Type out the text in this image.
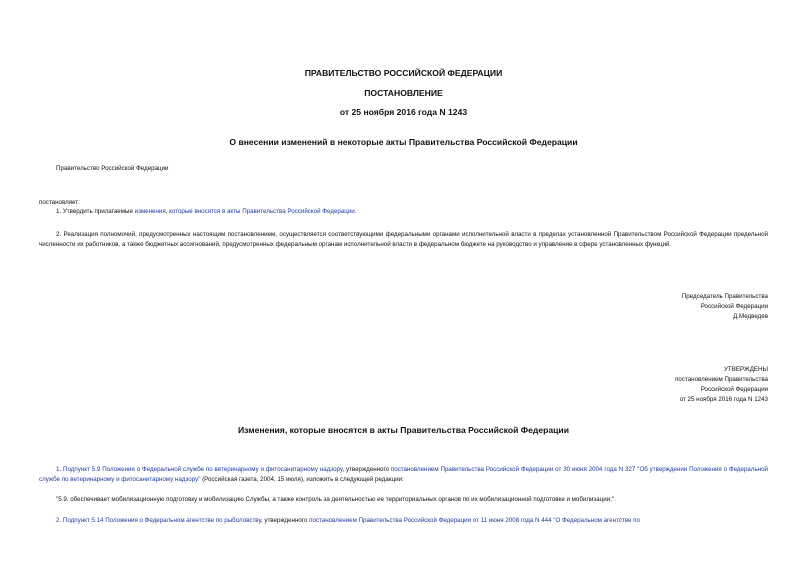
ПРАВИТЕЛЬСТВО РОССИЙСКОЙ ФЕДЕРАЦИИ
ПОСТАНОВЛЕНИЕ
от 25 ноября 2016 года N 1243
О внесении изменений в некоторые акты Правительства Российской Федерации
Правительство Российской Федерации
постановляет:
1. Утвердить прилагаемые изменения, которые вносятся в акты Правительства Российской Федерации.
2. Реализация полномочий, предусмотренных настоящим постановлением, осуществляется соответствующими федеральными органами исполнительной власти в пределах установленной Правительством Российской Федерации предельной численности их работников, а также бюджетных ассигнований, предусмотренных федеральным органам исполнительной власти в федеральном бюджете на руководство и управление в сфере установленных функций.
Председатель Правительства
Российской Федерации
Д.Медведев
УТВЕРЖДЕНЫ
постановлением Правительства
Российской Федерации
от 25 ноября 2016 года N 1243
Изменения, которые вносятся в акты Правительства Российской Федерации
1. Подпункт 5.9 Положения о Федеральной службе по ветеринарному и фитосанитарному надзору, утвержденного постановлением Правительства Российской Федерации от 30 июня 2004 года N 327 "Об утверждении Положения о Федеральной службе по ветеринарному и фитосанитарному надзору" (Российская газета, 2004, 15 июля), изложить в следующей редакции:
"5.9. обеспечивает мобилизационную подготовку и мобилизацию Службы, а также контроль за деятельностью ее территориальных органов по их мобилизационной подготовке и мобилизации;".
2. Подпункт 5.14 Положения о Федеральном агентстве по рыболовству, утвержденного постановлением Правительства Российской Федерации от 11 июня 2008 года N 444 "О Федеральном агентстве по
